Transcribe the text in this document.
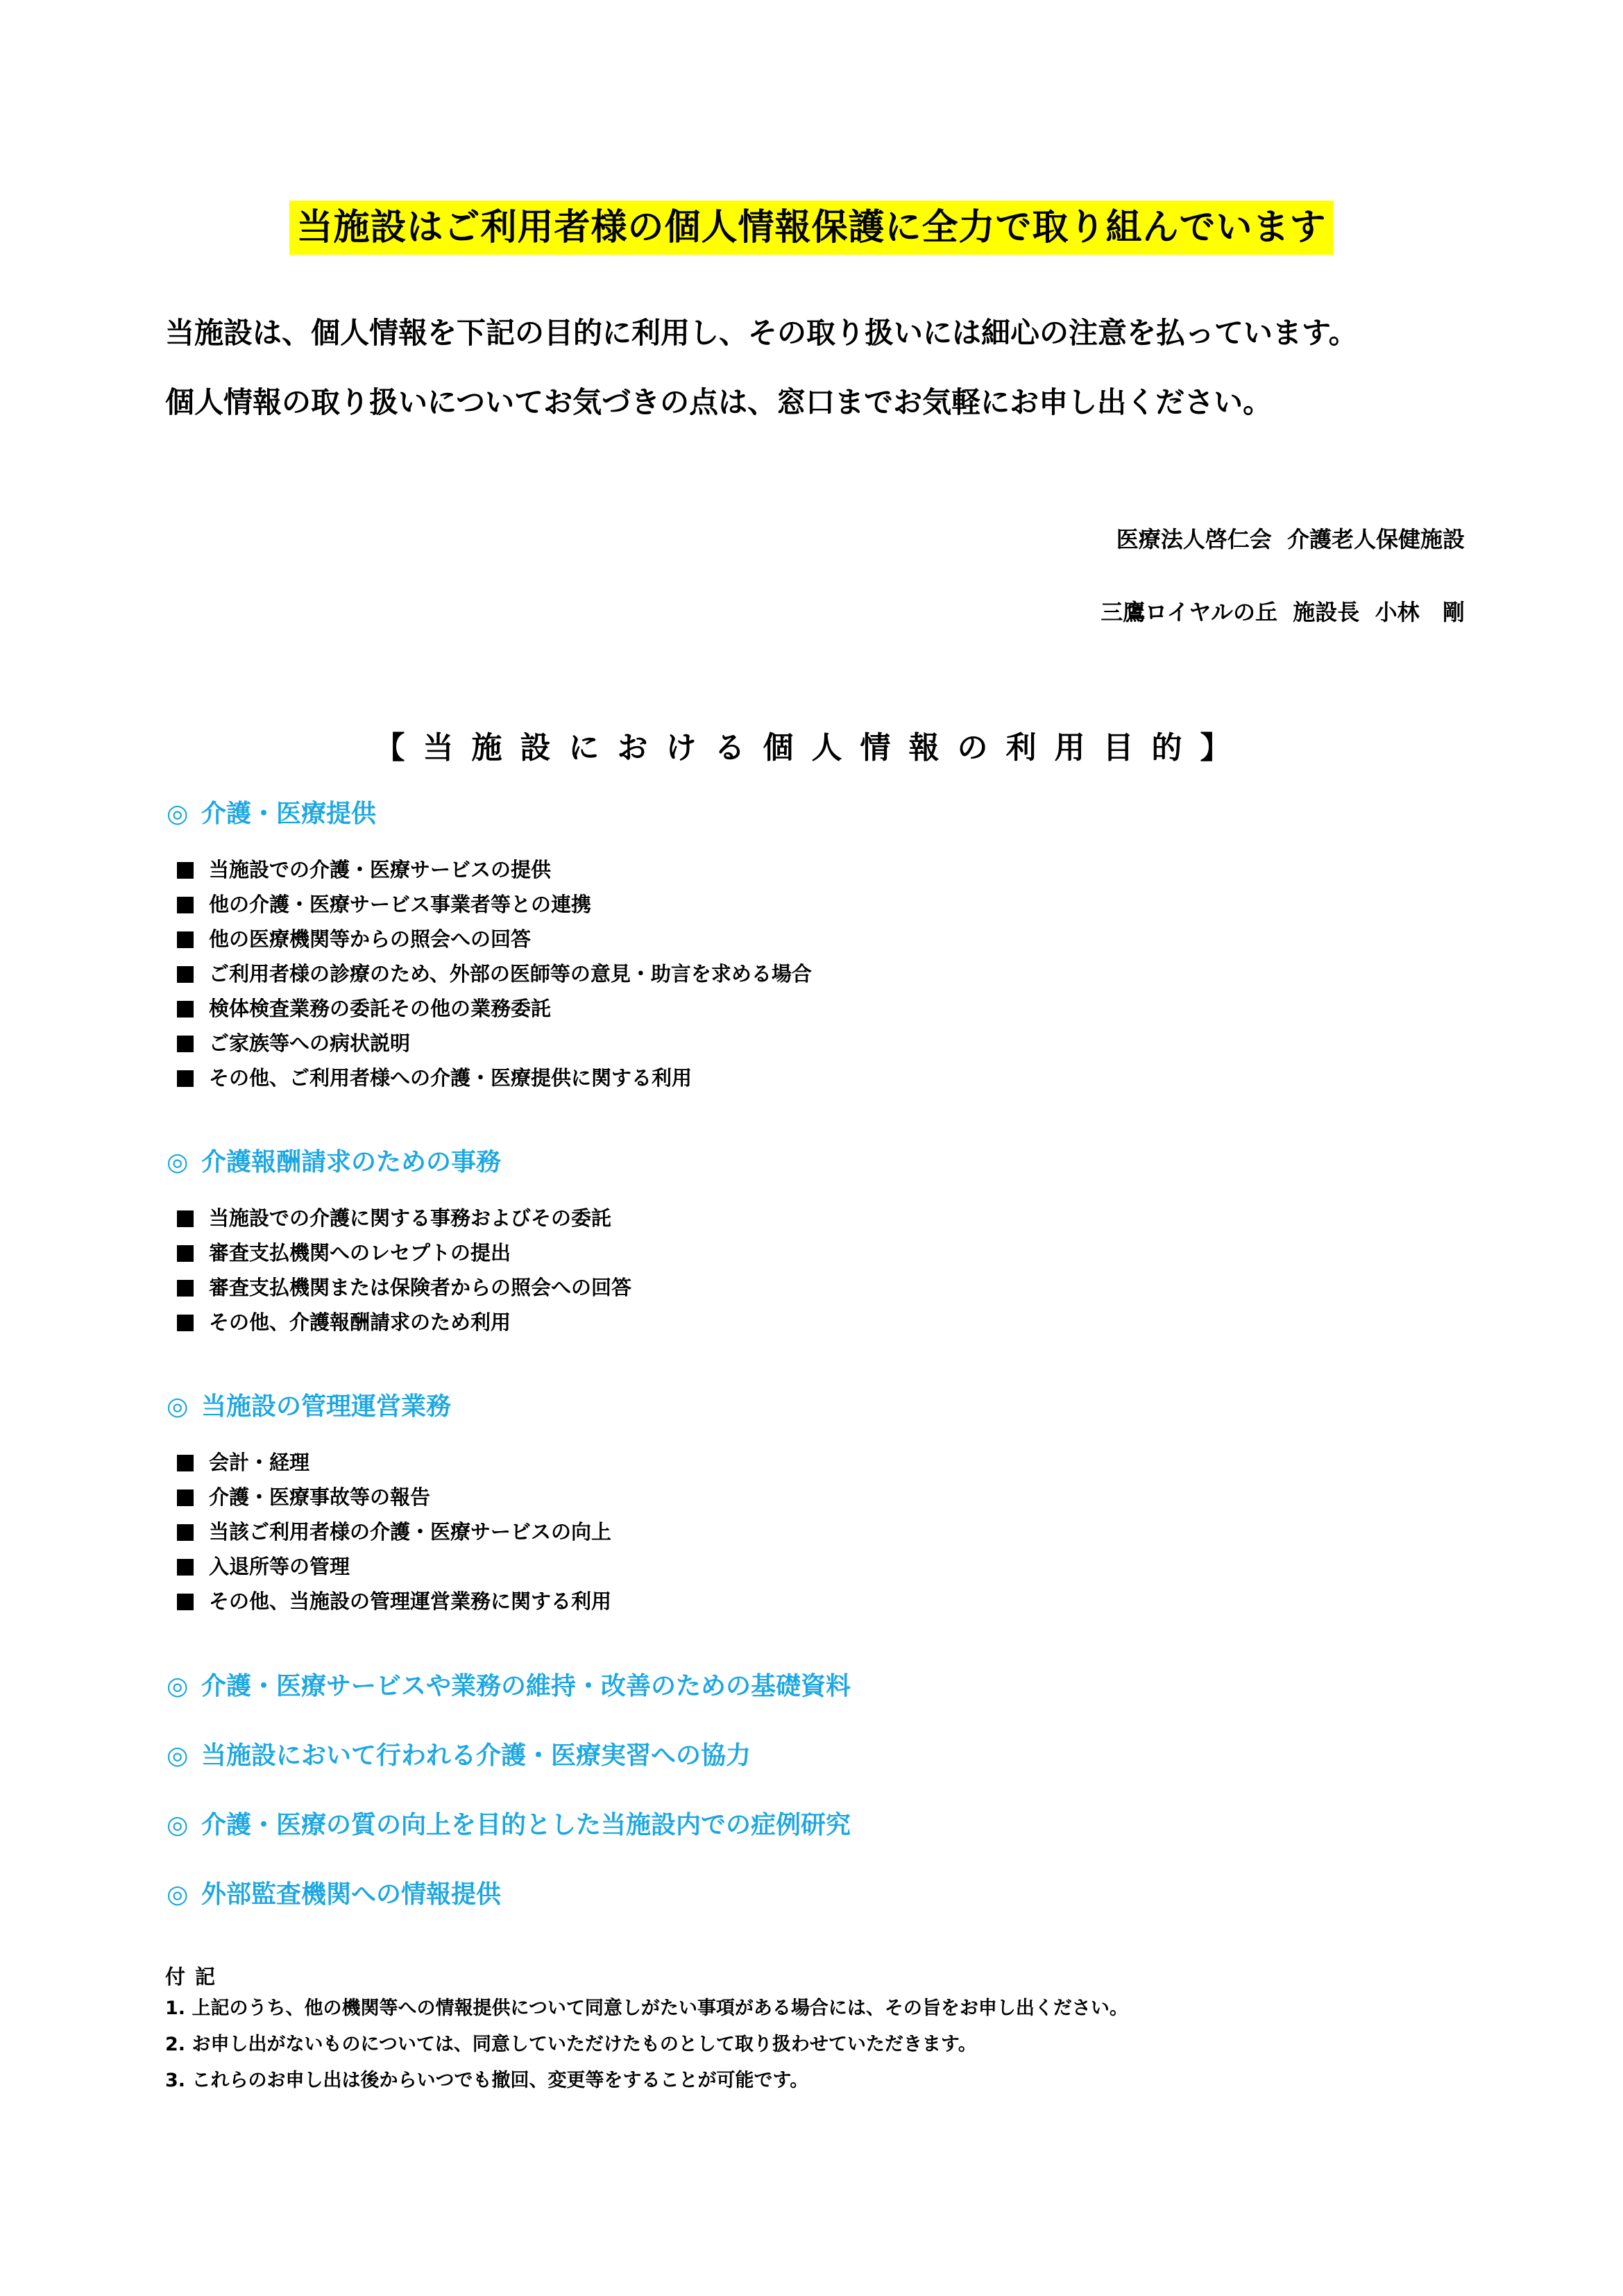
当施設はご利用者様の個人情報保護に全力で取り組んでいます
当施設は、個人情報を下記の目的に利用し、その取り扱いには細心の注意を払っています。
個人情報の取り扱いについてお気づきの点は、窓口までお気軽にお申し出ください。
医療法人啓仁会  介護老人保健施設
三鷹ロイヤルの丘  施設長  小林   剛
【当施設における個人情報の利用目的】
◎ 介護・医療提供
当施設での介護・医療サービスの提供
他の介護・医療サービス事業者等との連携
他の医療機関等からの照会への回答
ご利用者様の診療のため、外部の医師等の意見・助言を求める場合
検体検査業務の委託その他の業務委託
ご家族等への病状説明
その他、ご利用者様への介護・医療提供に関する利用
◎ 介護報酬請求のための事務
当施設での介護に関する事務およびその委託
審査支払機関へのレセプトの提出
審査支払機関または保険者からの照会への回答
その他、介護報酬請求のため利用
◎ 当施設の管理運営業務
会計・経理
介護・医療事故等の報告
当該ご利用者様の介護・医療サービスの向上
入退所等の管理
その他、当施設の管理運営業務に関する利用
◎ 介護・医療サービスや業務の維持・改善のための基礎資料
◎ 当施設において行われる介護・医療実習への協力
◎ 介護・医療の質の向上を目的とした当施設内での症例研究
◎ 外部監査機関への情報提供
付記
1. 上記のうち、他の機関等への情報提供について同意しがたい事項がある場合には、その旨をお申し出ください。
2. お申し出がないものについては、同意していただけたものとして取り扱わせていただきます。
3. これらのお申し出は後からいつでも撤回、変更等をすることが可能です。
